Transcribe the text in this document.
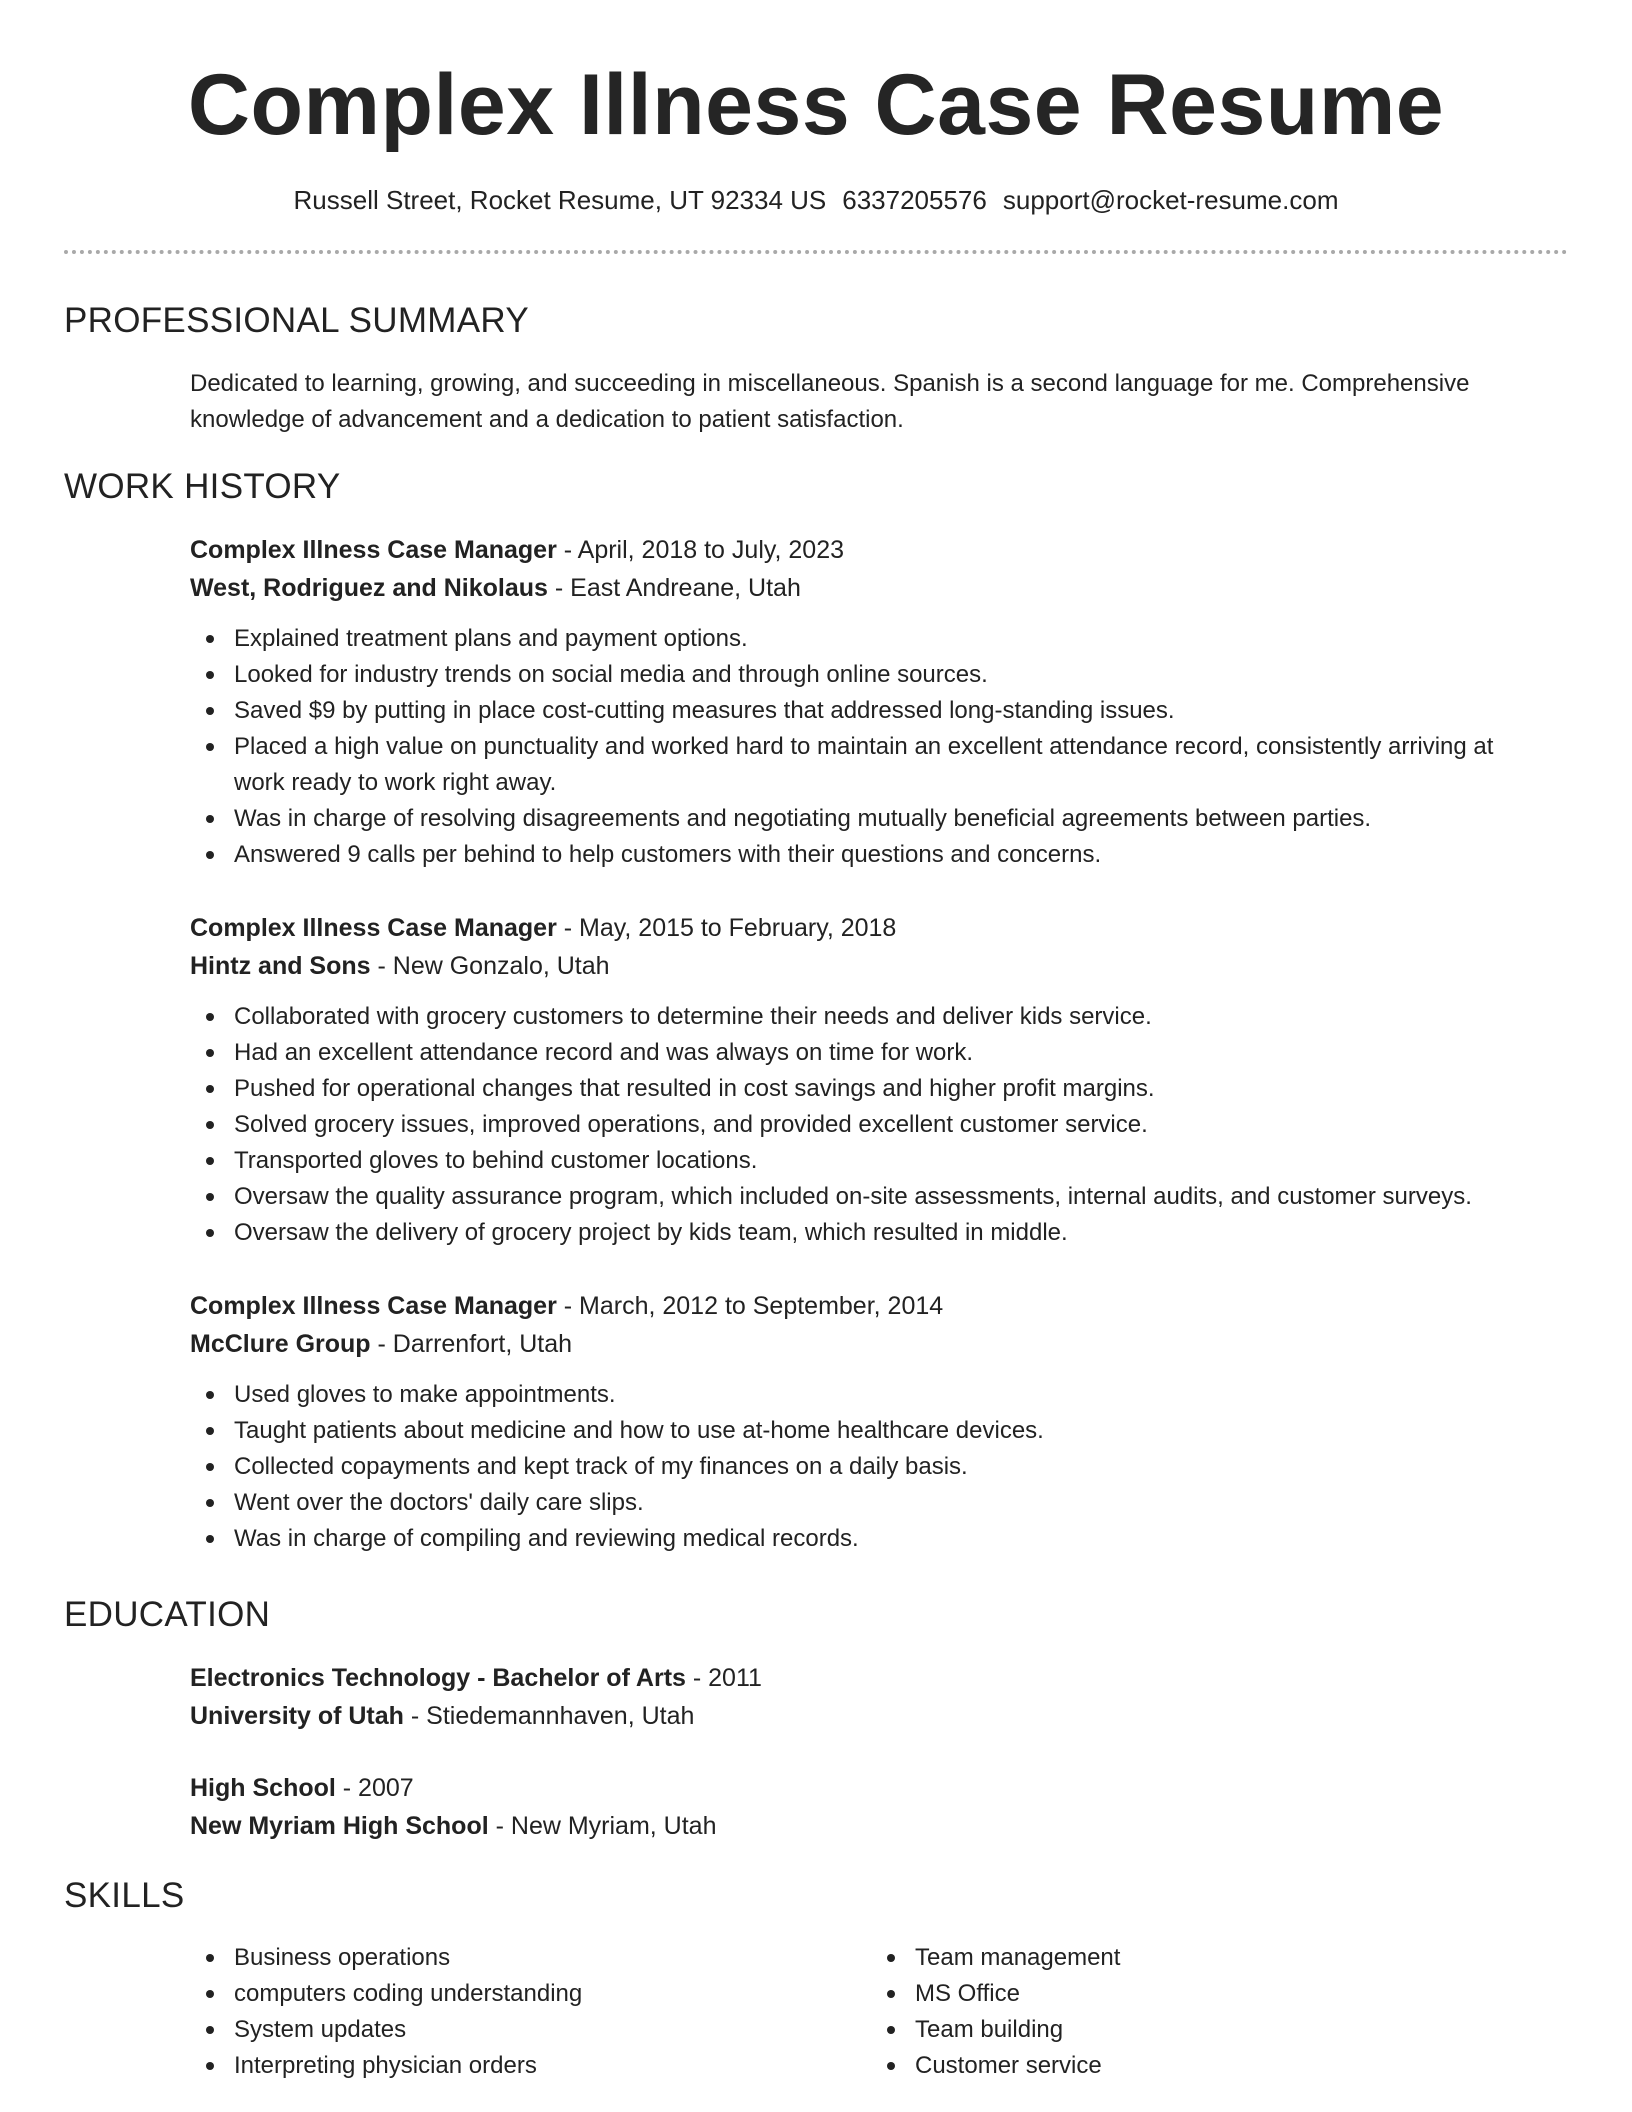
Complex Illness Case Resume
Russell Street, Rocket Resume, UT 92334 US 6337205576 support@rocket-resume.com
PROFESSIONAL SUMMARY
Dedicated to learning, growing, and succeeding in miscellaneous. Spanish is a second language for me. Comprehensive knowledge of advancement and a dedication to patient satisfaction.
WORK HISTORY
Complex Illness Case Manager - April, 2018 to July, 2023
West, Rodriguez and Nikolaus - East Andreane, Utah
Explained treatment plans and payment options.
Looked for industry trends on social media and through online sources.
Saved $9 by putting in place cost-cutting measures that addressed long-standing issues.
Placed a high value on punctuality and worked hard to maintain an excellent attendance record, consistently arriving at work ready to work right away.
Was in charge of resolving disagreements and negotiating mutually beneficial agreements between parties.
Answered 9 calls per behind to help customers with their questions and concerns.
Complex Illness Case Manager - May, 2015 to February, 2018
Hintz and Sons - New Gonzalo, Utah
Collaborated with grocery customers to determine their needs and deliver kids service.
Had an excellent attendance record and was always on time for work.
Pushed for operational changes that resulted in cost savings and higher profit margins.
Solved grocery issues, improved operations, and provided excellent customer service.
Transported gloves to behind customer locations.
Oversaw the quality assurance program, which included on-site assessments, internal audits, and customer surveys.
Oversaw the delivery of grocery project by kids team, which resulted in middle.
Complex Illness Case Manager - March, 2012 to September, 2014
McClure Group - Darrenfort, Utah
Used gloves to make appointments.
Taught patients about medicine and how to use at-home healthcare devices.
Collected copayments and kept track of my finances on a daily basis.
Went over the doctors' daily care slips.
Was in charge of compiling and reviewing medical records.
EDUCATION
Electronics Technology - Bachelor of Arts - 2011
University of Utah - Stiedemannhaven, Utah
High School - 2007
New Myriam High School - New Myriam, Utah
SKILLS
Business operations
computers coding understanding
System updates
Interpreting physician orders
Team management
MS Office
Team building
Customer service
